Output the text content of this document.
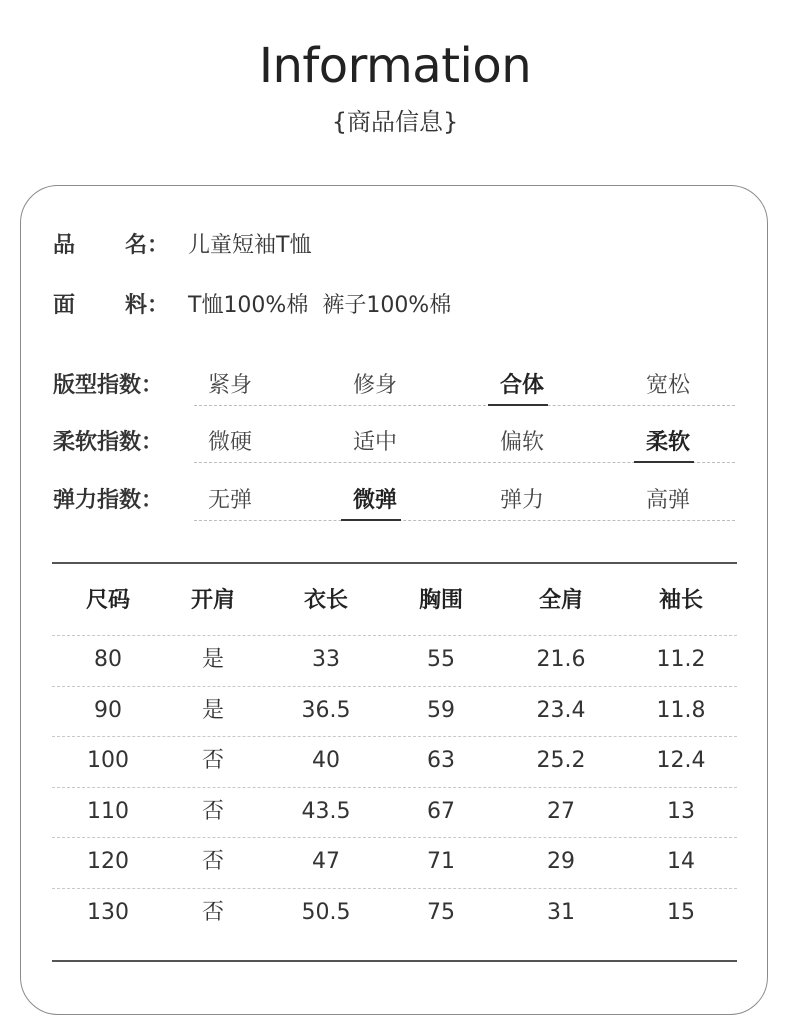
Information
{商品信息}
品 名： 儿童短袖T恤
面 料： T恤100%棉  裤子100%棉
版型指数： 紧身	修身	合体	宽松
柔软指数： 微硬	适中	偏软	柔软
弹力指数： 无弹	微弹	弹力	高弹
尺码	开肩	衣长	胸围	全肩	袖长
80	是	33	55	21.6	11.2
90	是	36.5	59	23.4	11.8
100	否	40	63	25.2	12.4
110	否	43.5	67	27	13
120	否	47	71	29	14
130	否	50.5	75	31	15
